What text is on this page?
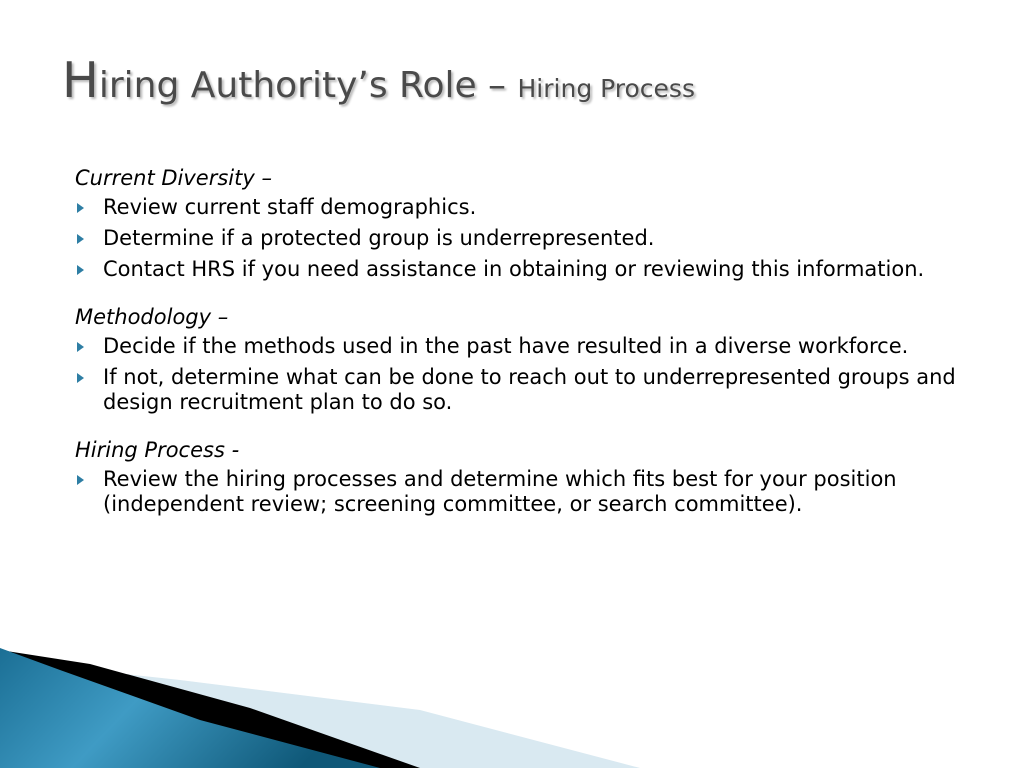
Hiring Authority’s Role – Hiring Process

Current Diversity –

Review current staff demographics.
Determine if a protected group is underrepresented.
Contact HRS if you need assistance in obtaining or reviewing this information.

Methodology –

Decide if the methods used in the past have resulted in a diverse workforce.
If not, determine what can be done to reach out to underrepresented groups and design recruitment plan to do so.

Hiring Process -

Review the hiring processes and determine which fits best for your position (independent review; screening committee, or search committee).
